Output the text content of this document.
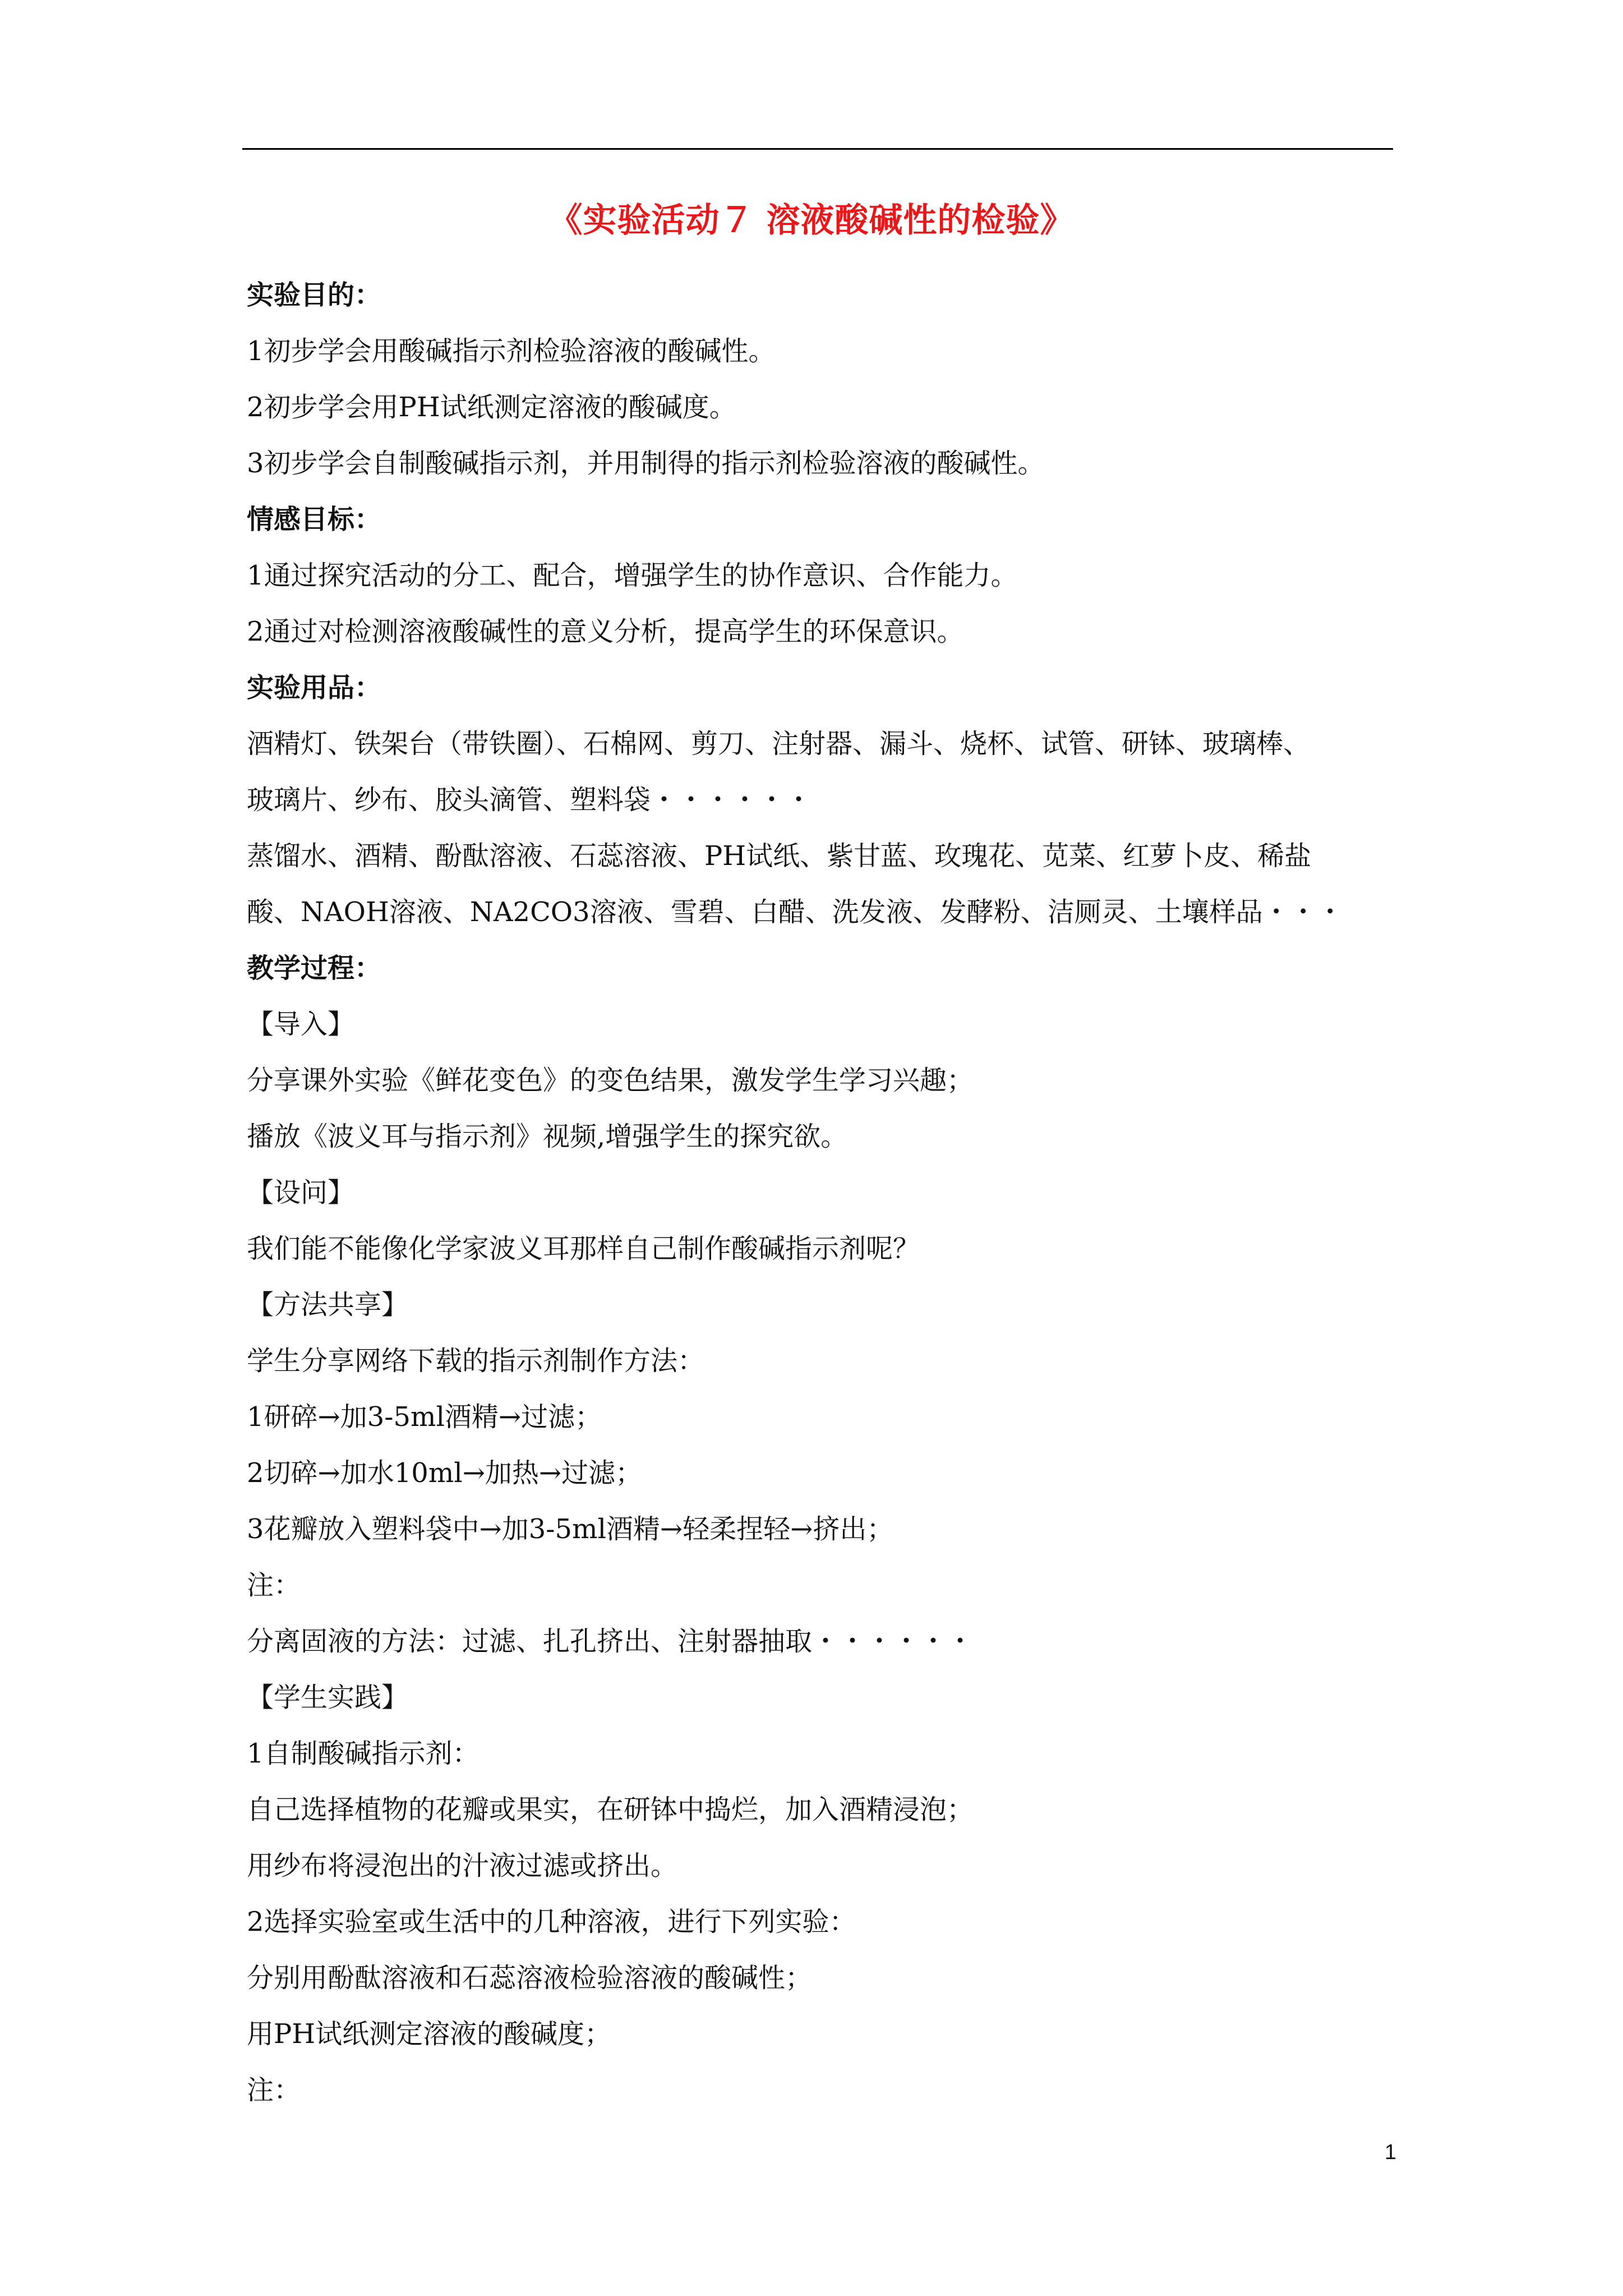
《实验活动７ 溶液酸碱性的检验》
实验目的：
1初步学会用酸碱指示剂检验溶液的酸碱性。
2初步学会用PH试纸测定溶液的酸碱度。
3初步学会自制酸碱指示剂，并用制得的指示剂检验溶液的酸碱性。
情感目标：
1通过探究活动的分工、配合，增强学生的协作意识、合作能力。
2通过对检测溶液酸碱性的意义分析，提高学生的环保意识。
实验用品：
酒精灯、铁架台（带铁圈）、石棉网、剪刀、注射器、漏斗、烧杯、试管、研钵、玻璃棒、
玻璃片、纱布、胶头滴管、塑料袋・・・・・・
蒸馏水、酒精、酚酞溶液、石蕊溶液、PH试纸、紫甘蓝、玫瑰花、苋菜、红萝卜皮、稀盐
酸、NAOH溶液、NA2CO3溶液、雪碧、白醋、洗发液、发酵粉、洁厕灵、土壤样品・・・
教学过程：
【导入】
分享课外实验《鲜花变色》的变色结果，激发学生学习兴趣；
播放《波义耳与指示剂》视频,增强学生的探究欲。
【设问】
我们能不能像化学家波义耳那样自己制作酸碱指示剂呢？
【方法共享】
学生分享网络下载的指示剂制作方法：
1研碎→加3-5ml酒精→过滤；
2切碎→加水10ml→加热→过滤；
3花瓣放入塑料袋中→加3-5ml酒精→轻柔捏轻→挤出；
注：
分离固液的方法：过滤、扎孔挤出、注射器抽取・・・・・・
【学生实践】
1自制酸碱指示剂：
自己选择植物的花瓣或果实，在研钵中捣烂，加入酒精浸泡；
用纱布将浸泡出的汁液过滤或挤出。
2选择实验室或生活中的几种溶液，进行下列实验：
分别用酚酞溶液和石蕊溶液检验溶液的酸碱性；
用PH试纸测定溶液的酸碱度；
注：
1
